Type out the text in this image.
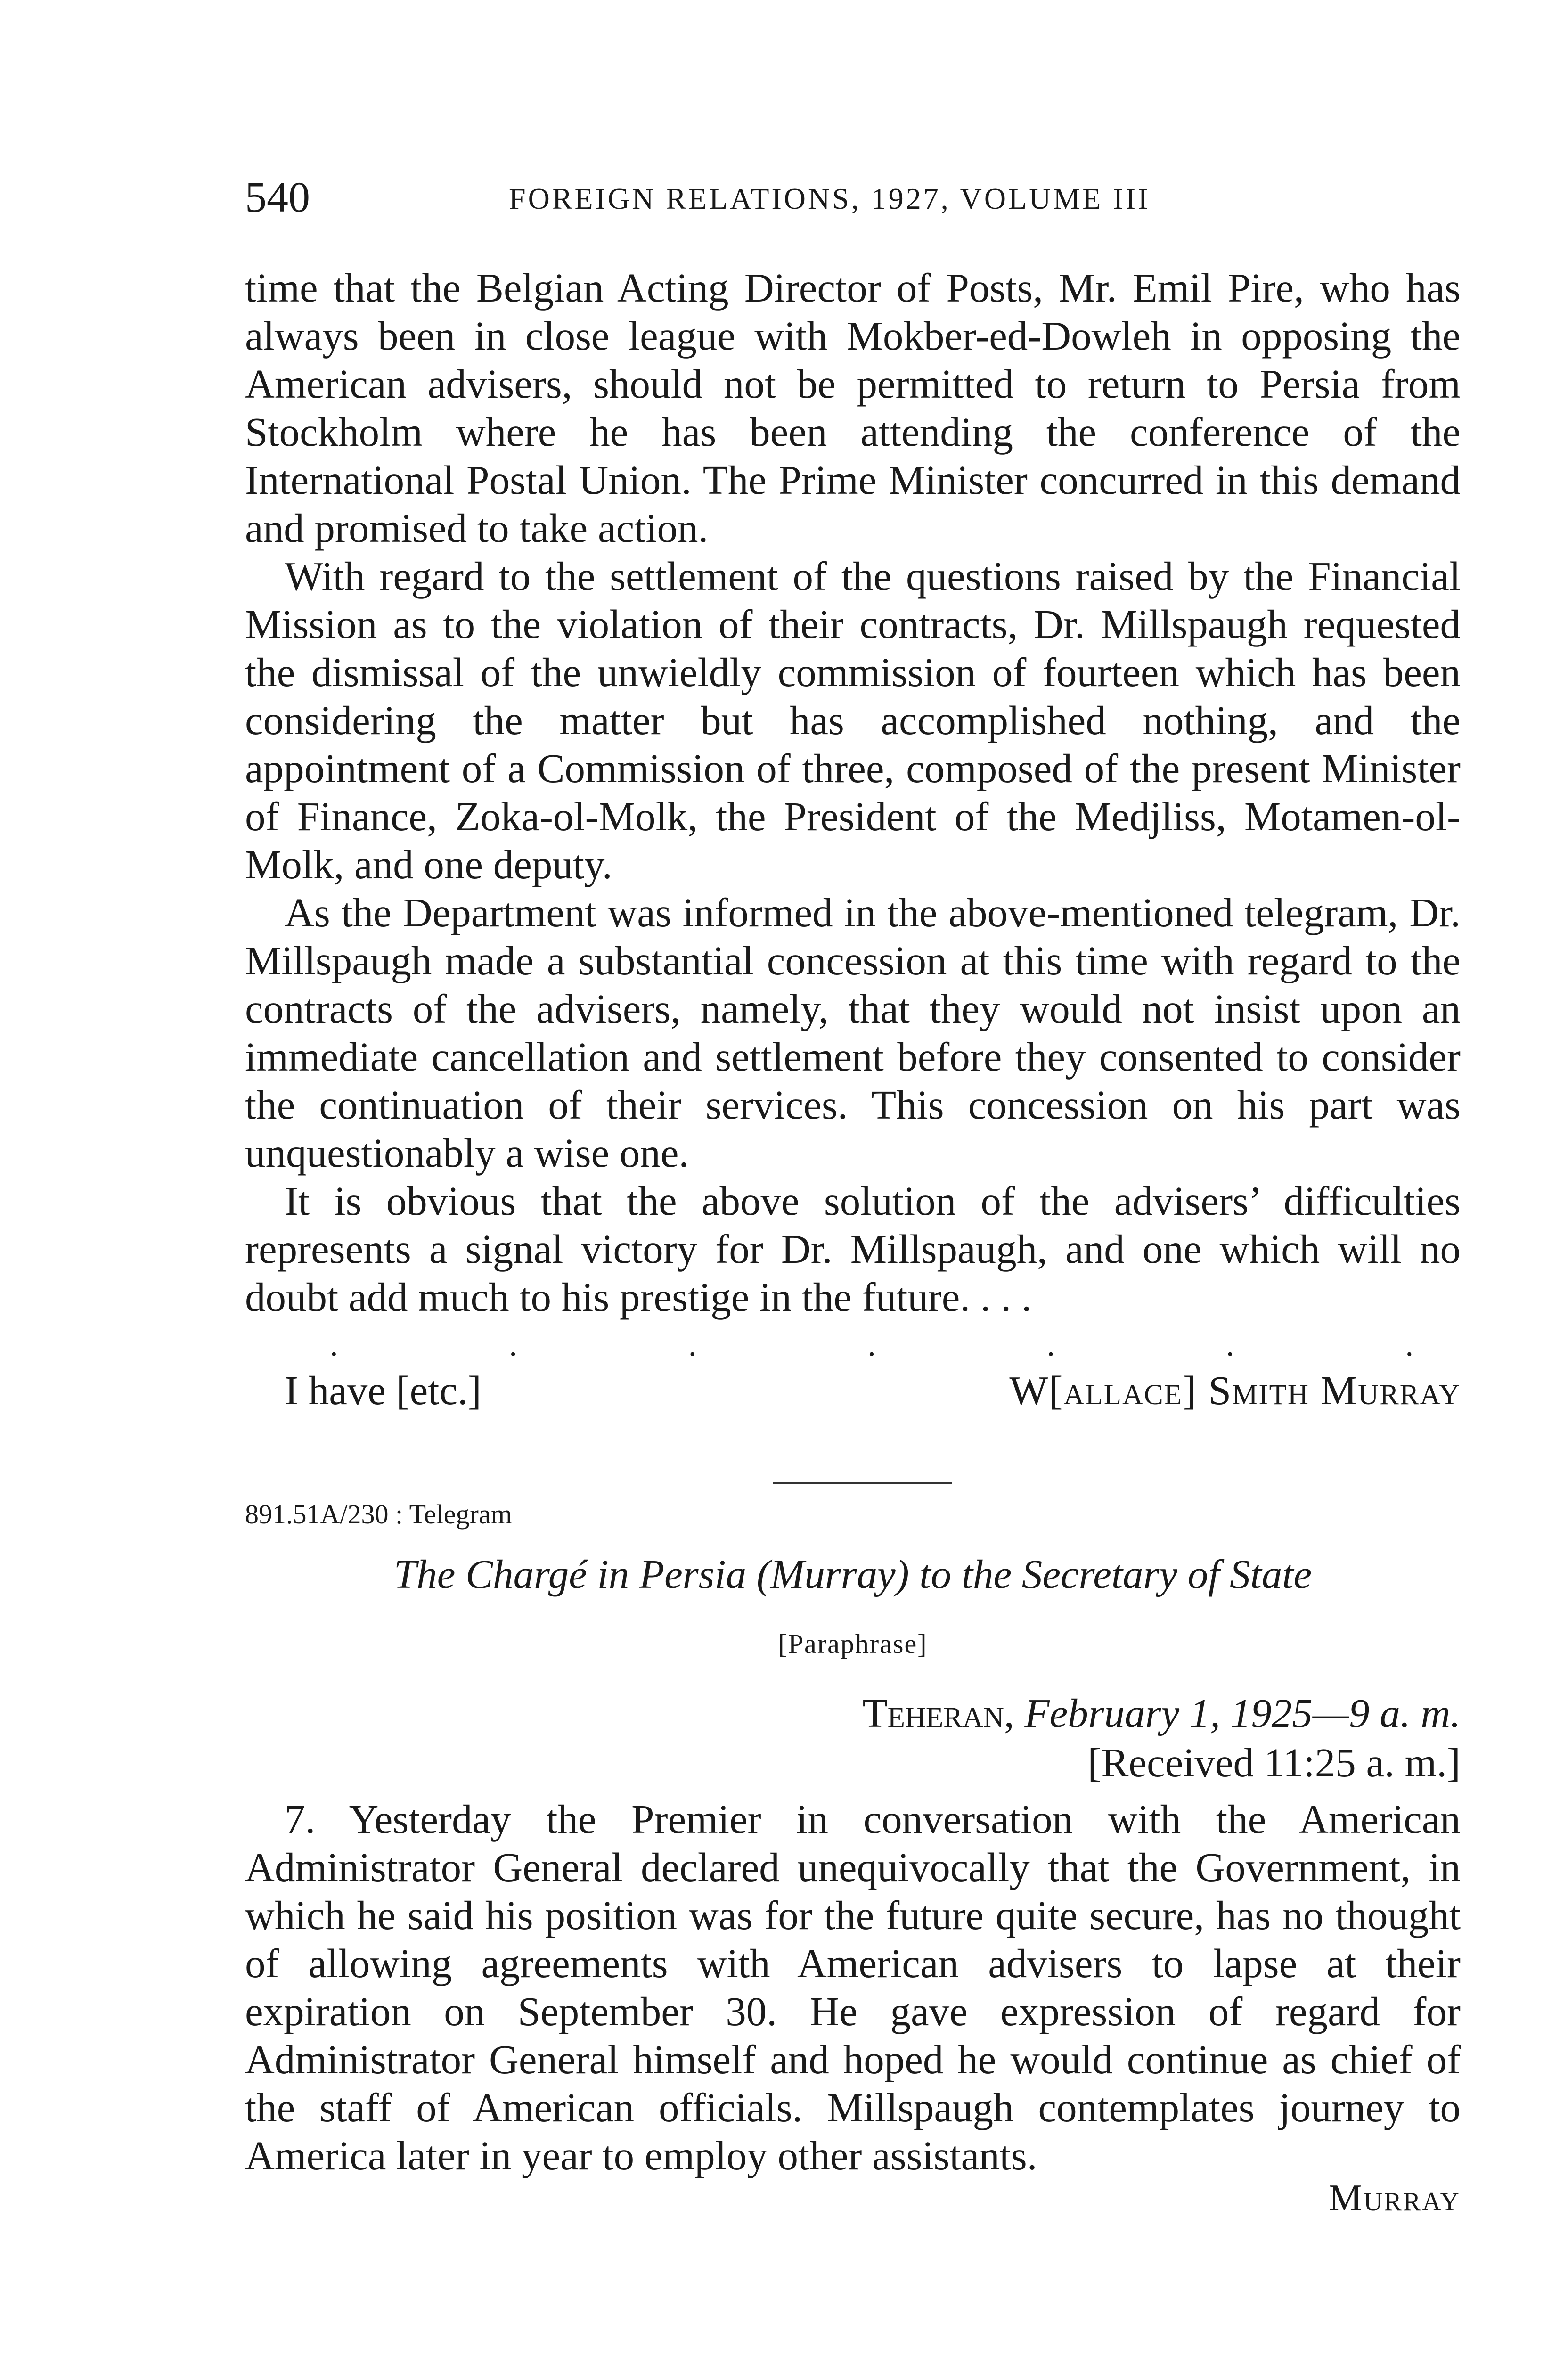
540	FOREIGN RELATIONS, 1927, VOLUME III

time that the Belgian Acting Director of Posts, Mr. Emil Pire, who has always been in close league with Mokber-ed-Dowleh in opposing the American advisers, should not be permitted to return to Persia from Stockholm where he has been attending the conference of the International Postal Union. The Prime Minister concurred in this demand and promised to take action.

With regard to the settlement of the questions raised by the Financial Mission as to the violation of their contracts, Dr. Millspaugh requested the dismissal of the unwieldly commission of fourteen which has been considering the matter but has accomplished nothing, and the appointment of a Commission of three, composed of the present Minister of Finance, Zoka-ol-Molk, the President of the Medjliss, Motamen-ol-Molk, and one deputy.

As the Department was informed in the above-mentioned telegram, Dr. Millspaugh made a substantial concession at this time with regard to the contracts of the advisers, namely, that they would not insist upon an immediate cancellation and settlement before they consented to consider the continuation of their services. This concession on his part was unquestionably a wise one.

It is obvious that the above solution of the advisers’ difficulties represents a signal victory for Dr. Millspaugh, and one which will no doubt add much to his prestige in the future. . . .

.	.	.	.	.	.	.
I have [etc.]	W[allace] Smith Murray
891.51A/230 : Telegram
The Chargé in Persia (Murray) to the Secretary of State
[Paraphrase]
Teheran, February 1, 1925—9 a. m.
[Received 11:25 a. m.]

7. Yesterday the Premier in conversation with the American Administrator General declared unequivocally that the Government, in which he said his position was for the future quite secure, has no thought of allowing agreements with American advisers to lapse at their expiration on September 30. He gave expression of regard for Administrator General himself and hoped he would continue as chief of the staff of American officials. Millspaugh contemplates journey to America later in year to employ other assistants.

Murray
